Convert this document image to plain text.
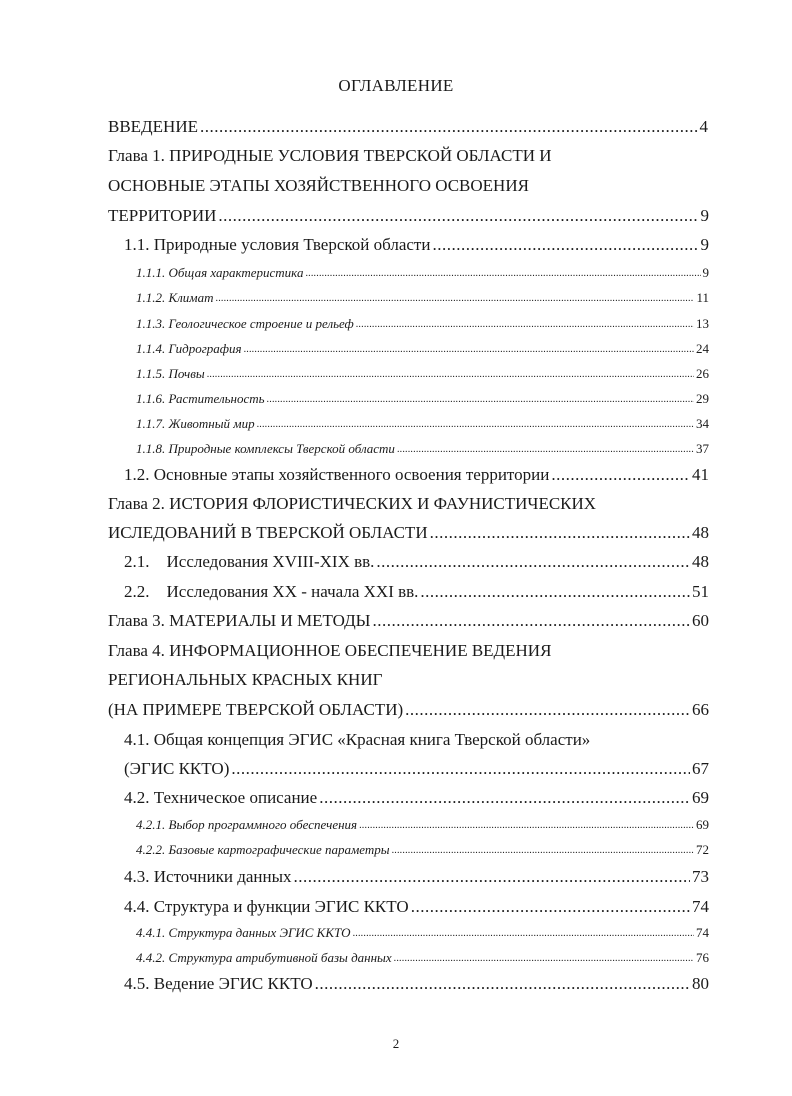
ОГЛАВЛЕНИЕ
ВВЕДЕНИЕ .....	4
Глава 1. ПРИРОДНЫЕ УСЛОВИЯ ТВЕРСКОЙ ОБЛАСТИ И
ОСНОВНЫЕ ЭТАПЫ ХОЗЯЙСТВЕННОГО ОСВОЕНИЯ
ТЕРРИТОРИИ .....	9
1.1. Природные условия Тверской области .....	9
1.1.1. Общая характеристика .....	9
1.1.2. Климат .....	11
1.1.3. Геологическое строение и рельеф .....	13
1.1.4. Гидрография .....	24
1.1.5. Почвы .....	26
1.1.6. Растительность .....	29
1.1.7. Животный мир .....	34
1.1.8. Природные комплексы Тверской области .....	37
1.2. Основные этапы хозяйственного освоения территории .....	41
Глава 2. ИСТОРИЯ ФЛОРИСТИЧЕСКИХ И ФАУНИСТИЧЕСКИХ
ИСЛЕДОВАНИЙ В ТВЕРСКОЙ ОБЛАСТИ .....	48
2.1.    Исследования XVIII-XIX вв. .....	48
2.2.    Исследования XX - начала XXI вв. .....	51
Глава 3. МАТЕРИАЛЫ И МЕТОДЫ .....	60
Глава 4. ИНФОРМАЦИОННОЕ ОБЕСПЕЧЕНИЕ ВЕДЕНИЯ
РЕГИОНАЛЬНЫХ КРАСНЫХ КНИГ
(НА ПРИМЕРЕ ТВЕРСКОЙ ОБЛАСТИ) .....	66
4.1. Общая концепция ЭГИС «Красная книга Тверской области»
(ЭГИС ККТО) .....	67
4.2. Техническое описание .....	69
4.2.1. Выбор программного обеспечения .....	69
4.2.2. Базовые картографические параметры .....	72
4.3. Источники данных .....	73
4.4. Структура и функции ЭГИС ККТО .....	74
4.4.1. Структура данных ЭГИС ККТО .....	74
4.4.2. Структура атрибутивной базы данных .....	76
4.5. Ведение ЭГИС ККТО .....	80
2
